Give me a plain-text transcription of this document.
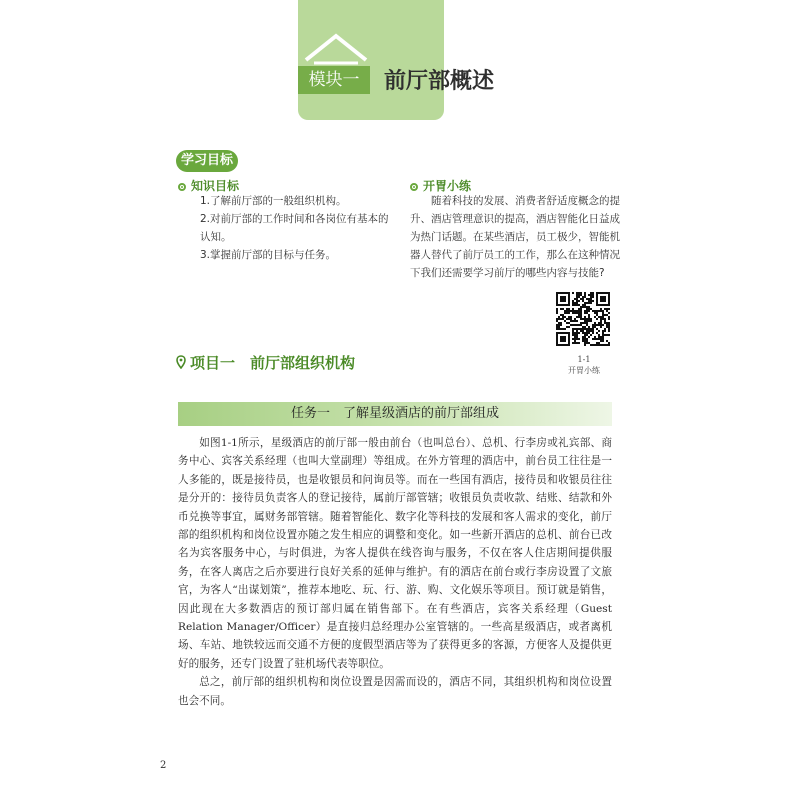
模块一	前厅部概述
学习目标
知识目标
1.了解前厅部的一般组织机构。
2.对前厅部的工作时间和各岗位有基本的认知。
3.掌握前厅部的目标与任务。
开胃小练
随着科技的发展、消费者舒适度概念的提升、酒店管理意识的提高，酒店智能化日益成为热门话题。在某些酒店，员工极少，智能机器人替代了前厅员工的工作，那么在这种情况下我们还需要学习前厅的哪些内容与技能?
1-1
开胃小练
项目一　前厅部组织机构
任务一　了解星级酒店的前厅部组成

如图1-1所示，星级酒店的前厅部一般由前台（也叫总台）、总机、行李房或礼宾部、商务中心、宾客关系经理（也叫大堂副理）等组成。在外方管理的酒店中，前台员工往往是一人多能的，既是接待员，也是收银员和问询员等。而在一些国有酒店，接待员和收银员往往是分开的：接待员负责客人的登记接待，属前厅部管辖；收银员负责收款、结账、结款和外币兑换等事宜，属财务部管辖。随着智能化、数字化等科技的发展和客人需求的变化，前厅部的组织机构和岗位设置亦随之发生相应的调整和变化。如一些新开酒店的总机、前台已改名为宾客服务中心，与时俱进，为客人提供在线咨询与服务，不仅在客人住店期间提供服务，在客人离店之后亦要进行良好关系的延伸与维护。有的酒店在前台或行李房设置了文旅官，为客人“出谋划策”，推荐本地吃、玩、行、游、购、文化娱乐等项目。预订就是销售，因此现在大多数酒店的预订部归属在销售部下。在有些酒店，宾客关系经理（Guest Relation Manager/Officer）是直接归总经理办公室管辖的。一些高星级酒店，或者离机场、车站、地铁较远而交通不方便的度假型酒店等为了获得更多的客源，方便客人及提供更好的服务，还专门设置了驻机场代表等职位。

总之，前厅部的组织机构和岗位设置是因需而设的，酒店不同，其组织机构和岗位设置也会不同。

2
